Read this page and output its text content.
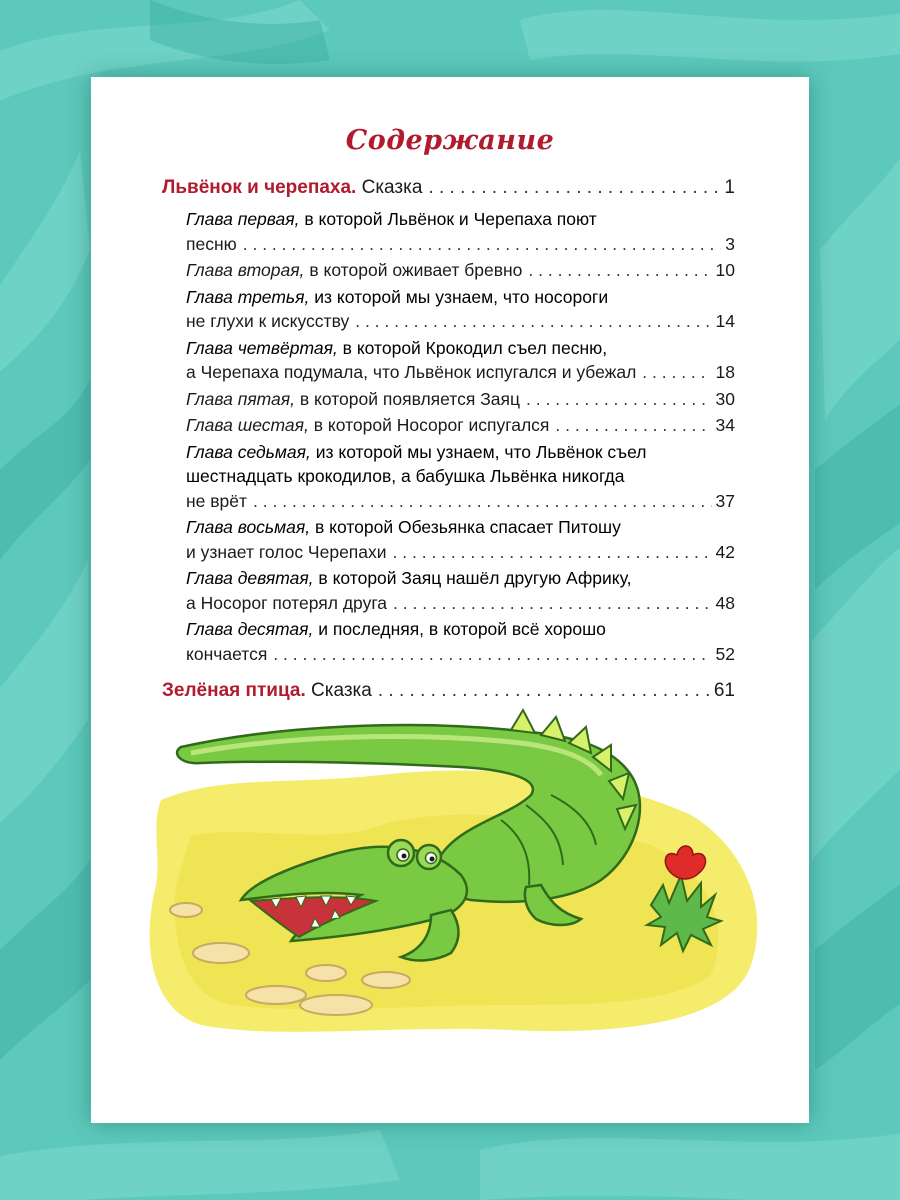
Содержание
Львёнок и черепаха. Сказка . . .	1
Глава первая, в которой Львёнок и Черепаха поют
песню . . .	3
Глава вторая, в которой оживает бревно . . .	10
Глава третья, из которой мы узнаем, что носороги
не глухи к искусству . . .	14
Глава четвёртая, в которой Крокодил съел песню,
а Черепаха подумала, что Львёнок испугался и убежал . . .	18
Глава пятая, в которой появляется Заяц . . .	30
Глава шестая, в которой Носорог испугался . . .	34
Глава седьмая, из которой мы узнаем, что Львёнок съел
шестнадцать крокодилов, а бабушка Львёнка никогда
не врёт . . .	37
Глава восьмая, в которой Обезьянка спасает Питошу
и узнает голос Черепахи . . .	42
Глава девятая, в которой Заяц нашёл другую Африку,
а Носорог потерял друга . . .	48
Глава десятая, и последняя, в которой всё хорошо
кончается . . .	52
Зелёная птица. Сказка . . .	61
